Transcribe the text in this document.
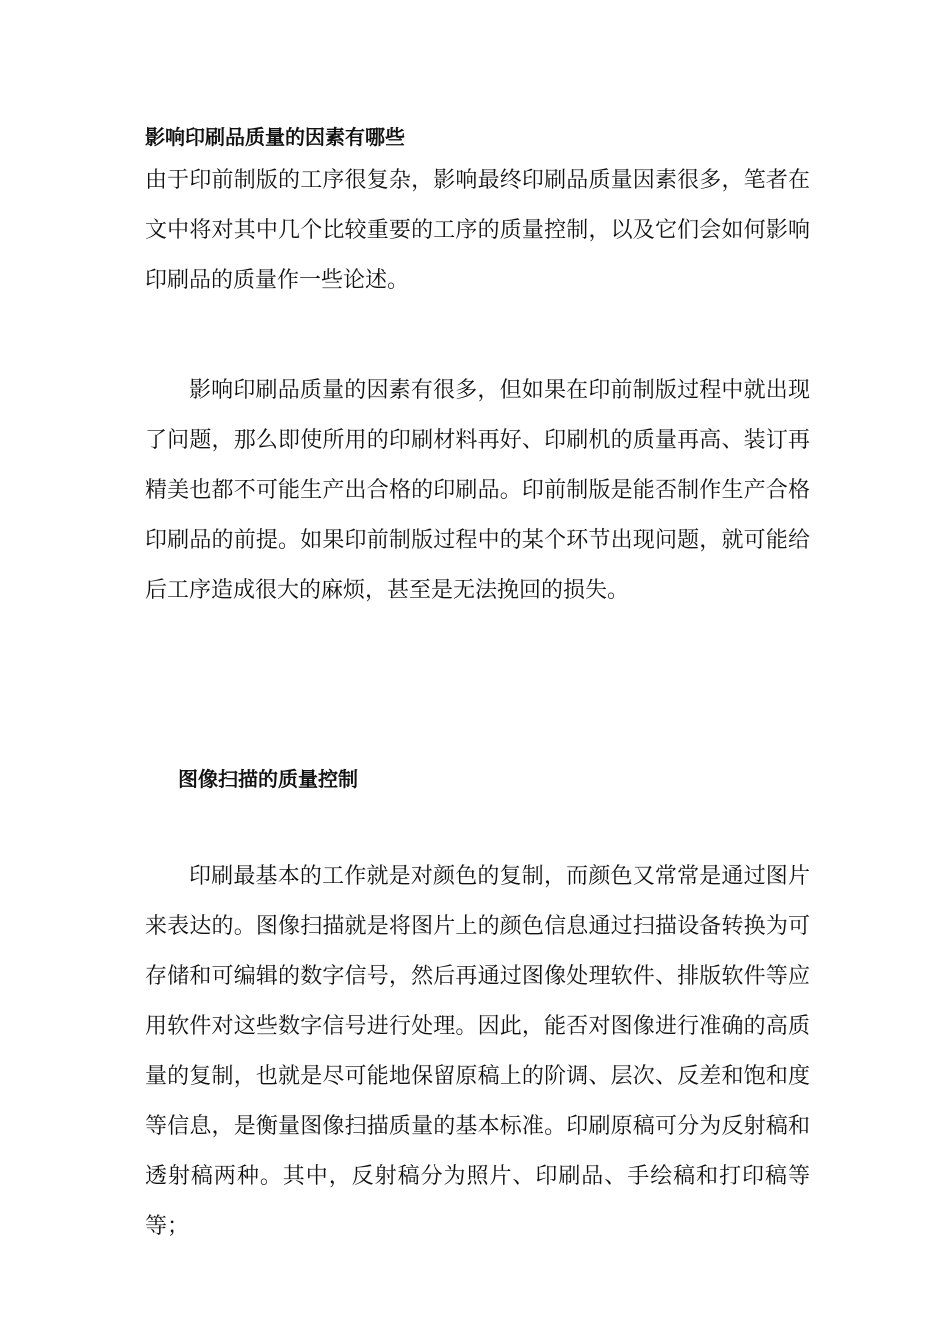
影响印刷品质量的因素有哪些

由于印前制版的工序很复杂，影响最终印刷品质量因素很多，笔者在文中将对其中几个比较重要的工序的质量控制，以及它们会如何影响印刷品的质量作一些论述。

影响印刷品质量的因素有很多，但如果在印前制版过程中就出现了问题，那么即使所用的印刷材料再好、印刷机的质量再高、装订再精美也都不可能生产出合格的印刷品。印前制版是能否制作生产合格印刷品的前提。如果印前制版过程中的某个环节出现问题，就可能给后工序造成很大的麻烦，甚至是无法挽回的损失。

图像扫描的质量控制

印刷最基本的工作就是对颜色的复制，而颜色又常常是通过图片来表达的。图像扫描就是将图片上的颜色信息通过扫描设备转换为可存储和可编辑的数字信号，然后再通过图像处理软件、排版软件等应用软件对这些数字信号进行处理。因此，能否对图像进行准确的高质量的复制，也就是尽可能地保留原稿上的阶调、层次、反差和饱和度等信息，是衡量图像扫描质量的基本标准。印刷原稿可分为反射稿和透射稿两种。其中，反射稿分为照片、印刷品、手绘稿和打印稿等等；
